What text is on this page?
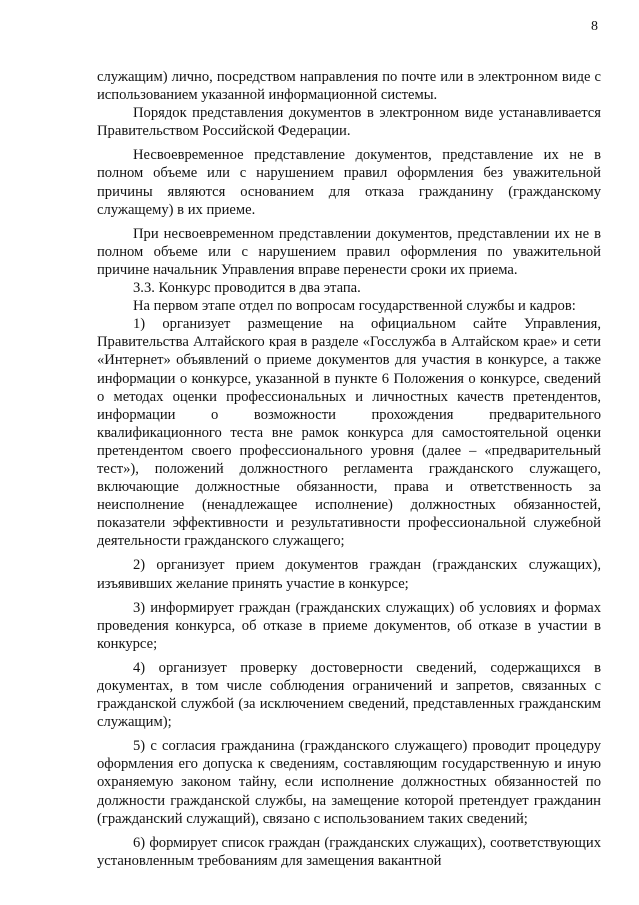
8

служащим) лично, посредством направления по почте или в электронном виде с использованием указанной информационной системы.

Порядок представления документов в электронном виде устанавливается Правительством Российской Федерации.

Несвоевременное представление документов, представление их не в полном объеме или с нарушением правил оформления без уважительной причины являются основанием для отказа гражданину (гражданскому служащему) в их приеме.

При несвоевременном представлении документов, представлении их не в полном объеме или с нарушением правил оформления по уважительной причине начальник Управления вправе перенести сроки их приема.

3.3. Конкурс проводится в два этапа.

На первом этапе отдел по вопросам государственной службы и кадров:

1) организует размещение на официальном сайте Управления, Правительства Алтайского края в разделе «Госслужба в Алтайском крае» и сети «Интернет» объявлений о приеме документов для участия в конкурсе, а также информации о конкурсе, указанной в пункте 6 Положения о конкурсе, сведений о методах оценки профессиональных и личностных качеств претендентов, информации о возможности прохождения предварительного квалификационного теста вне рамок конкурса для самостоятельной оценки претендентом своего профессионального уровня (далее – «предварительный тест»), положений должностного регламента гражданского служащего, включающие должностные обязанности, права и ответственность за неисполнение (ненадлежащее исполнение) должностных обязанностей, показатели эффективности и результативности профессиональной служебной деятельности гражданского служащего;

2) организует прием документов граждан (гражданских служащих), изъявивших желание принять участие в конкурсе;

3) информирует граждан (гражданских служащих) об условиях и формах проведения конкурса, об отказе в приеме документов, об отказе в участии в конкурсе;

4) организует проверку достоверности сведений, содержащихся в документах, в том числе соблюдения ограничений и запретов, связанных с гражданской службой (за исключением сведений, представленных гражданским служащим);

5) с согласия гражданина (гражданского служащего) проводит процедуру оформления его допуска к сведениям, составляющим государственную и иную охраняемую законом тайну, если исполнение должностных обязанностей по должности гражданской службы, на замещение которой претендует гражданин (гражданский служащий), связано с использованием таких сведений;

6) формирует список граждан (гражданских служащих), соответствующих установленным требованиям для замещения вакантной
